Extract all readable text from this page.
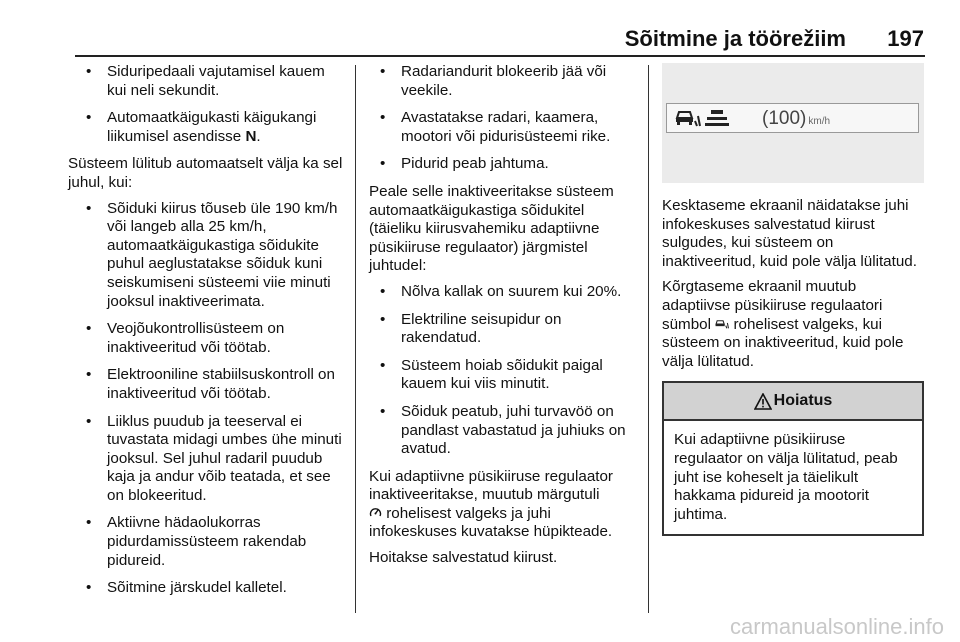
Sõitmine ja töörežiim 197
• Siduripedaali vajutamisel kauem kui neli sekundit.
• Automaatkäigukasti käigukangi liikumisel asendisse N.
Süsteem lülitub automaatselt välja ka sel juhul, kui:
• Sõiduki kiirus tõuseb üle 190 km/h või langeb alla 25 km/h, automaatkäigukastiga sõidukite puhul aeglustatakse sõiduk kuni seiskumiseni süsteemi viie minuti jooksul inaktiveerimata.
• Veojõukontrollisüsteem on inaktiveeritud või töötab.
• Elektrooniline stabiilsuskontroll on inaktiveeritud või töötab.
• Liiklus puudub ja teeserval ei tuvastata midagi umbes ühe minuti jooksul. Sel juhul radaril puudub kaja ja andur võib teatada, et see on blokeeritud.
• Aktiivne hädaolukorras pidurdamissüsteem rakendab pidureid.
• Sõitmine järskudel kalletel.
• Radariandurit blokeerib jää või veekile.
• Avastatakse radari, kaamera, mootori või pidurisüsteemi rike.
• Pidurid peab jahtuma.
Peale selle inaktiveeritakse süsteem automaatkäigukastiga sõidukitel (täieliku kiirusvahemiku adaptiivne püsikiiruse regulaator) järgmistel juhtudel:
• Nõlva kallak on suurem kui 20%.
• Elektriline seisupidur on rakendatud.
• Süsteem hoiab sõidukit paigal kauem kui viis minutit.
• Sõiduk peatub, juhi turvavöö on pandlast vabastatud ja juhiuks on avatud.
Kui adaptiivne püsikiiruse regulaator inaktiveeritakse, muutub märgutuli
rohelisest valgeks ja juhi infokeskuses kuvatakse hüpikteade.
Hoitakse salvestatud kiirust.
(100) km/h
Kesktaseme ekraanil näidatakse juhi infokeskuses salvestatud kiirust sulgudes, kui süsteem on inaktiveeritud, kuid pole välja lülitatud.
Kõrgtaseme ekraanil muutub adaptiivse püsikiiruse regulaatori sümbol rohelisest valgeks, kui süsteem on inaktiveeritud, kuid pole välja lülitatud.
Hoiatus
Kui adaptiivne püsikiiruse regulaator on välja lülitatud, peab juht ise koheselt ja täielikult hakkama pidureid ja mootorit juhtima.
carmanualsonline.info
